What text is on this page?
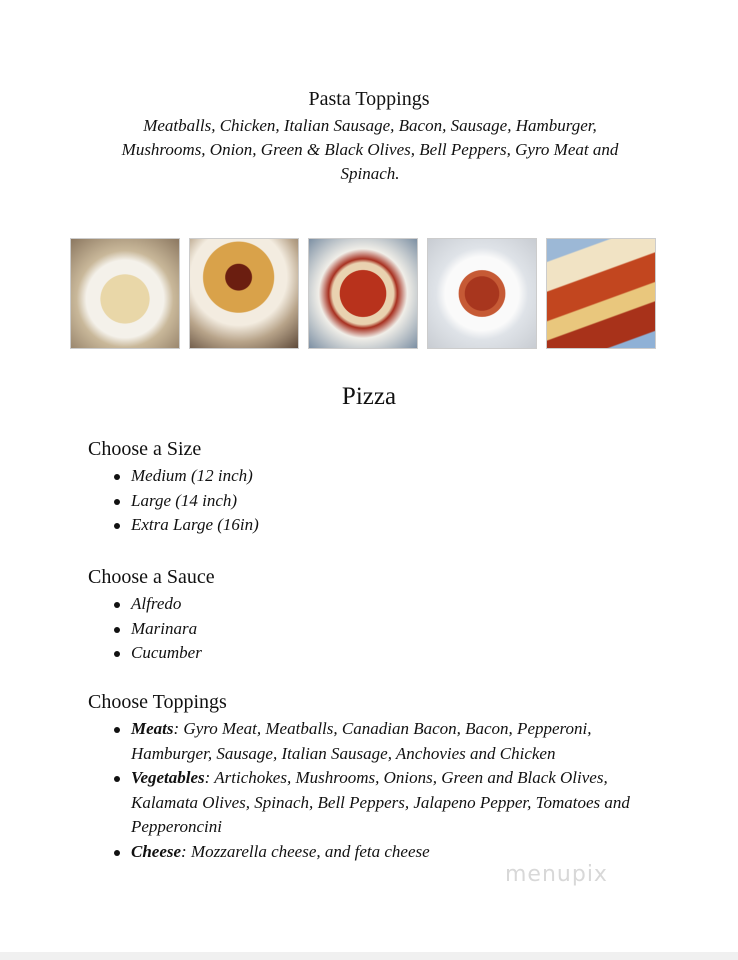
Pasta Toppings
Meatballs, Chicken, Italian Sausage, Bacon, Sausage, Hamburger, Mushrooms, Onion, Green & Black Olives, Bell Peppers, Gyro Meat and Spinach.
Pizza
Choose a Size
Medium (12 inch)
Large (14 inch)
Extra Large (16in)
Choose a Sauce
Alfredo
Marinara
Cucumber
Choose Toppings
Meats: Gyro Meat, Meatballs, Canadian Bacon, Bacon, Pepperoni, Hamburger, Sausage, Italian Sausage, Anchovies and Chicken
Vegetables: Artichokes, Mushrooms, Onions, Green and Black Olives, Kalamata Olives, Spinach, Bell Peppers, Jalapeno Pepper, Tomatoes and Pepperoncini
Cheese: Mozzarella cheese, and feta cheese
menupix
